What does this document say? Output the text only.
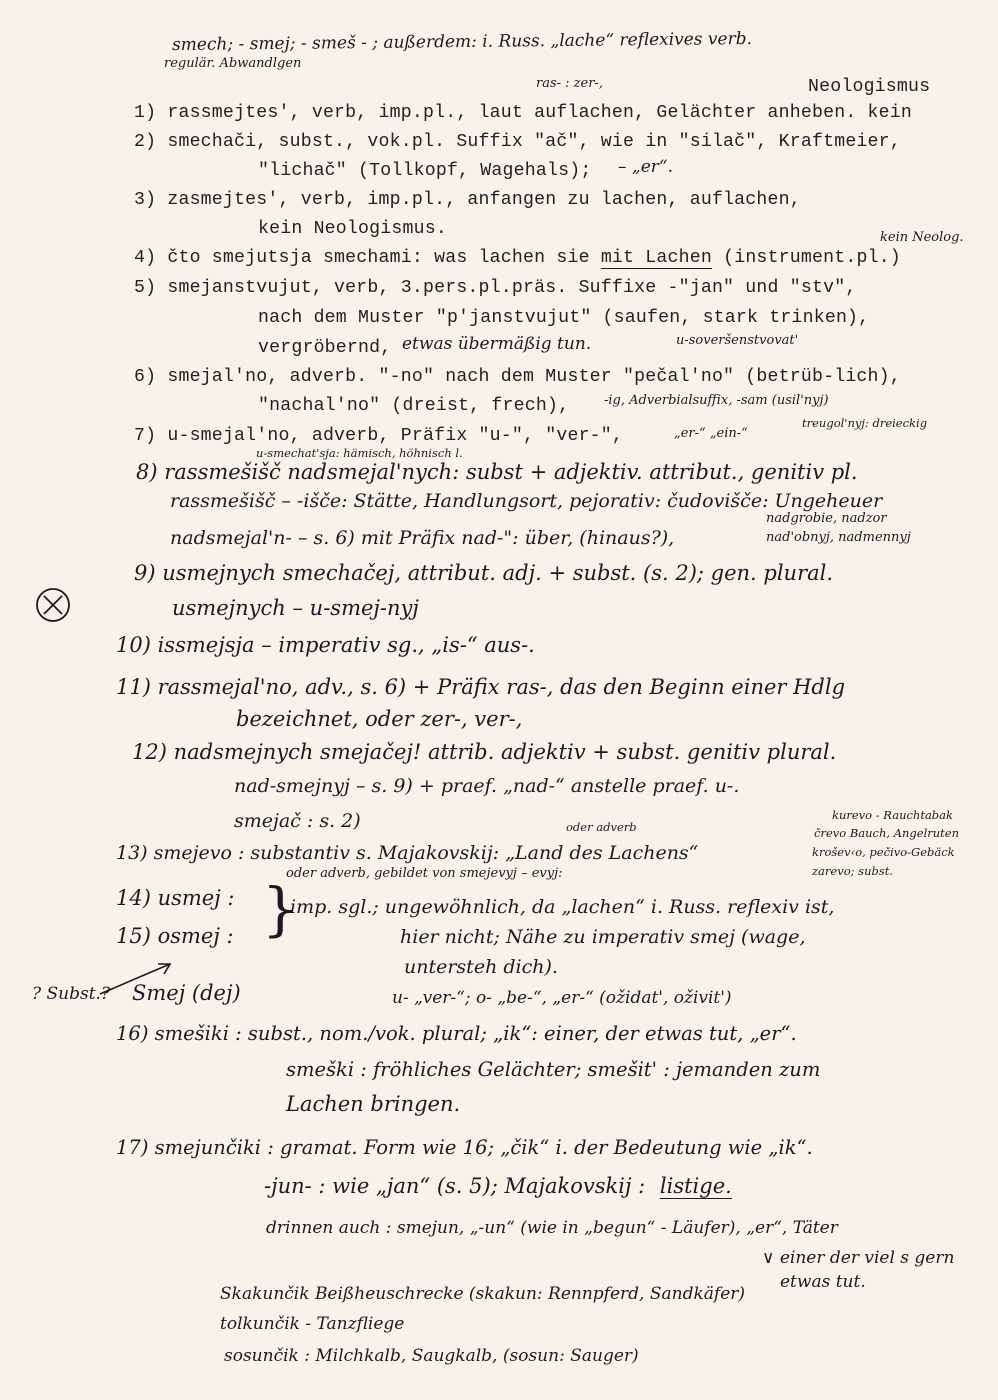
smech; - smej; - smeš - ; außerdem: i. Russ. „lache“ reflexives verb.
regulär. Abwandlgen
ras- : zer-,	Neologismus
1) rassmejtes', verb, imp.pl., laut auflachen, Gelächter anheben. kein
2) smechači, subst., vok.pl. Suffix "ač", wie in "silač", Kraftmeier,
"lichač" (Tollkopf, Wagehals); – „er“.
3) zasmejtes', verb, imp.pl., anfangen zu lachen, auflachen,
kein Neologismus.	kein Neolog.
4) čto smejutsja smechami: was lachen sie mit Lachen (instrument.pl.)
5) smejanstvujut, verb, 3.pers.pl.präs. Suffixe -"jan" und "stv",
nach dem Muster "p'janstvujut" (saufen, stark trinken),
vergröbernd, etwas übermäßig tun.	u-soveršenstvovat'
6) smejal'no, adverb. "-no" nach dem Muster "pečal'no" (betrüb-lich),
"nachal'no" (dreist, frech),	-ig, Adverbialsuffix, -sam (usil'nyj)
7) u-smejal'no, adverb, Präfix "u-", "ver-",	„er-“ „ein-“
treugol'nyj: dreieckig
u-smechat'sja: hämisch, höhnisch l.
8) rassmešišč nadsmejal'nych: subst + adjektiv. attribut., genitiv pl.
rassmešišč – -išče: Stätte, Handlungsort, pejorativ: čudovišče: Ungeheuer
nadsmejal'n- – s. 6) mit Präfix nad-": über, (hinaus?),
nadgrobie, nadzor
nad'obnyj, nadmennyj
9) usmejnych smechačej, attribut. adj. + subst. (s. 2); gen. plural.
usmejnych – u-smej-nyj
10) issmejsja – imperativ sg., „is-“ aus-.
11) rassmejal'no, adv., s. 6) + Präfix ras-, das den Beginn einer Hdlg
bezeichnet, oder zer-, ver-,
12) nadsmejnych smejačej! attrib. adjektiv + subst. genitiv plural.
nad-smejnyj – s. 9) + praef. „nad-“ anstelle praef. u-.
smejač : s. 2)	oder adverb
kurevo - Rauchtabak
črevo Bauch, Angelruten
krošev‹o, pečivo-Gebäck
zarevo; subst.
13) smejevo : substantiv s. Majakovskij: „Land des Lachens“
oder adverb, gebildet von smejevyj – evyj:
14) usmej :
15) osmej : }
imp. sgl.; ungewöhnlich, da „lachen“ i. Russ. reflexiv ist,
hier nicht; Nähe zu imperativ smej (wage,
untersteh dich).
? Subst.? Smej (dej)	u- „ver-“; o- „be-“, „er-“ (ožidat', oživit')
16) smešiki : subst., nom./vok. plural; „ik“: einer, der etwas tut, „er“.
smeški : fröhliches Gelächter; smešit' : jemanden zum
Lachen bringen.
17) smejunčiki : gramat. Form wie 16; „čik“ i. der Bedeutung wie „ik“.
-jun- : wie „jan“ (s. 5); Majakovskij : listige.
drinnen auch : smejun, „-un“ (wie in „begun“ - Läufer), „er“, Täter
∨ einer der viel s gern
etwas tut.
Skakunčik Beißheuschrecke (skakun: Rennpferd, Sandkäfer)
tolkunčik - Tanzfliege
sosunčik : Milchkalb, Saugkalb, (sosun: Sauger)
